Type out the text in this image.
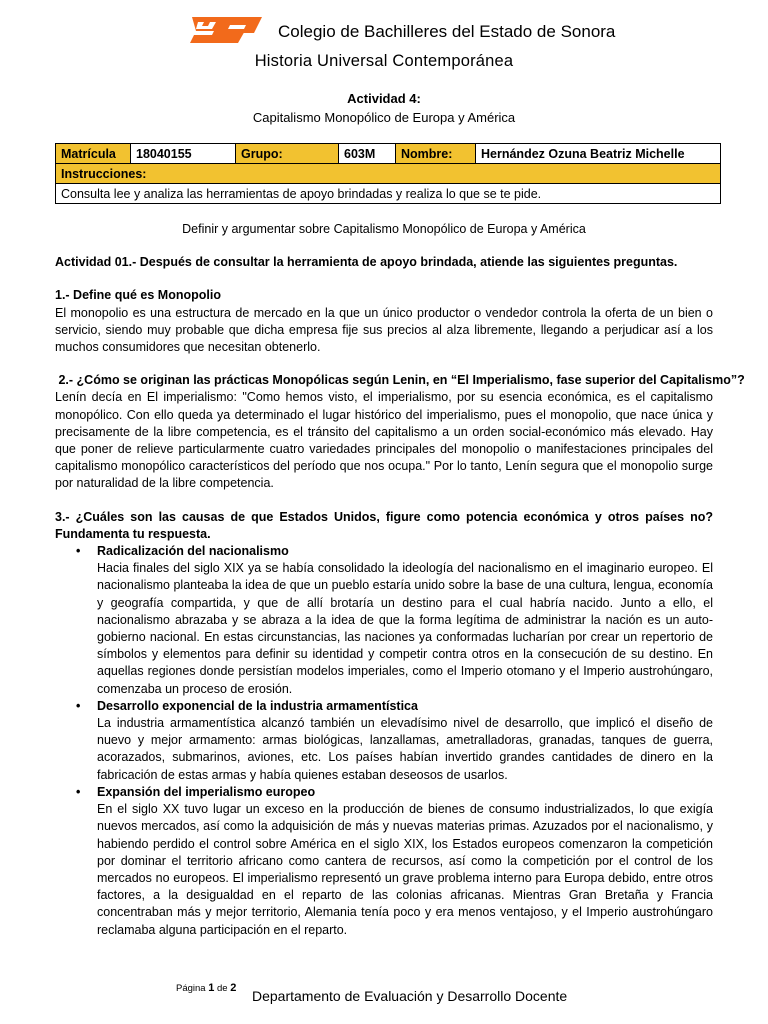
Colegio de Bachilleres del Estado de Sonora
Historia Universal Contemporánea
Actividad 4:
Capitalismo Monopólico de Europa y América
Matrícula	18040155	Grupo:	603M	Nombre:	Hernández Ozuna Beatriz Michelle
Instrucciones:
Consulta lee y analiza las herramientas de apoyo brindadas y realiza lo que se te pide.

Definir y argumentar sobre Capitalismo Monopólico de Europa y América

Actividad 01.- Después de consultar la herramienta de apoyo brindada, atiende las siguientes preguntas.

1.- Define qué es Monopolio

El monopolio es una estructura de mercado en la que un único productor o vendedor controla la oferta de un bien o servicio, siendo muy probable que dicha empresa fije sus precios al alza libremente, llegando a perjudicar así a los muchos consumidores que necesitan obtenerlo.

2.- ¿Cómo se originan las prácticas Monopólicas según Lenin, en “El Imperialismo, fase superior del Capitalismo”?

Lenín decía en El imperialismo: "Como hemos visto, el imperialismo, por su esencia económica, es el capitalismo monopólico. Con ello queda ya determinado el lugar histórico del imperialismo, pues el monopolio, que nace única y precisamente de la libre competencia, es el tránsito del capitalismo a un orden social-económico más elevado. Hay que poner de relieve particularmente cuatro variedades principales del monopolio o manifestaciones principales del capitalismo monopólico característicos del período que nos ocupa." Por lo tanto, Lenín segura que el monopolio surge por naturalidad de la libre competencia.

3.- ¿Cuáles son las causas de que Estados Unidos, figure como potencia económica y otros países no? Fundamenta tu respuesta.

• Radicalización del nacionalismo

Hacia finales del siglo XIX ya se había consolidado la ideología del nacionalismo en el imaginario europeo. El nacionalismo planteaba la idea de que un pueblo estaría unido sobre la base de una cultura, lengua, economía y geografía compartida, y que de allí brotaría un destino para el cual habría nacido. Junto a ello, el nacionalismo abrazaba y se abraza a la idea de que la forma legítima de administrar la nación es un auto-gobierno nacional. En estas circunstancias, las naciones ya conformadas lucharían por crear un repertorio de símbolos y elementos para definir su identidad y competir contra otros en la consecución de su destino. En aquellas regiones donde persistían modelos imperiales, como el Imperio otomano y el Imperio austrohúngaro, comenzaba un proceso de erosión.

• Desarrollo exponencial de la industria armamentística

La industria armamentística alcanzó también un elevadísimo nivel de desarrollo, que implicó el diseño de nuevo y mejor armamento: armas biológicas, lanzallamas, ametralladoras, granadas, tanques de guerra, acorazados, submarinos, aviones, etc. Los países habían invertido grandes cantidades de dinero en la fabricación de estas armas y había quienes estaban deseosos de usarlos.

• Expansión del imperialismo europeo

En el siglo XX tuvo lugar un exceso en la producción de bienes de consumo industrializados, lo que exigía nuevos mercados, así como la adquisición de más y nuevas materias primas. Azuzados por el nacionalismo, y habiendo perdido el control sobre América en el siglo XIX, los Estados europeos comenzaron la competición por dominar el territorio africano como cantera de recursos, así como la competición por el control de los mercados no europeos. El imperialismo representó un grave problema interno para Europa debido, entre otros factores, a la desigualdad en el reparto de las colonias africanas. Mientras Gran Bretaña y Francia concentraban más y mejor territorio, Alemania tenía poco y era menos ventajoso, y el Imperio austrohúngaro reclamaba alguna participación en el reparto.

Página 1 de 2 Departamento de Evaluación y Desarrollo Docente
